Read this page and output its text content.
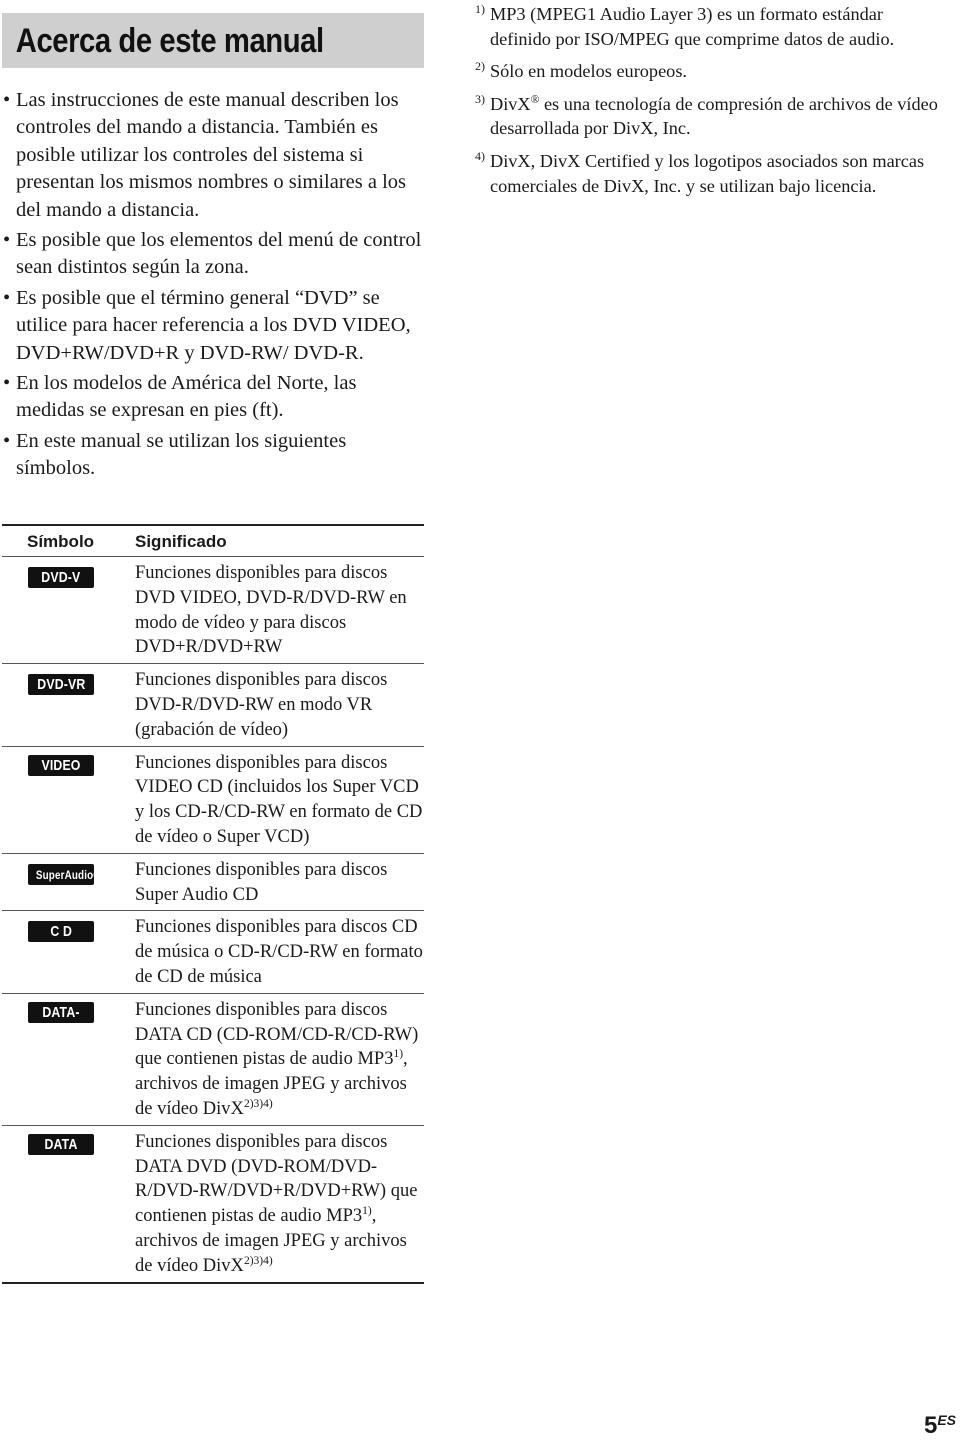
Acerca de este manual
• Las instrucciones de este manual describen los controles del mando a distancia. También es posible utilizar los controles del sistema si presentan los mismos nombres o similares a los del mando a distancia.
• Es posible que los elementos del menú de control sean distintos según la zona.
• Es posible que el término general “DVD” se utilice para hacer referencia a los DVD VIDEO, DVD+RW/DVD+R y DVD-RW/ DVD-R.
• En los modelos de América del Norte, las medidas se expresan en pies (ft).
• En este manual se utilizan los siguientes símbolos.
Símbolo	Significado
DVD-V	Funciones disponibles para discos DVD VIDEO, DVD-R/DVD-RW en modo de vídeo y para discos DVD+R/DVD+RW
DVD-VR	Funciones disponibles para discos DVD-R/DVD-RW en modo VR (grabación de vídeo)
VIDEO CD	Funciones disponibles para discos VIDEO CD (incluidos los Super VCD y los CD-R/CD-RW en formato de CD de vídeo o Super VCD)
SuperAudioCD	Funciones disponibles para discos Super Audio CD
C D	Funciones disponibles para discos CD de música o CD-R/CD-RW en formato de CD de música
DATA-CD	Funciones disponibles para discos DATA CD (CD-ROM/CD-R/CD-RW) que contienen pistas de audio MP3$^{1)}$, archivos de imagen JPEG y archivos de vídeo DivX$^{2)3)4)}$
DATA DVD	Funciones disponibles para discos DATA DVD (DVD-ROM/DVD-R/DVD-RW/DVD+R/DVD+RW) que contienen pistas de audio MP3$^{1)}$, archivos de imagen JPEG y archivos de vídeo DivX$^{2)3)4)}$
1) MP3 (MPEG1 Audio Layer 3) es un formato estándar definido por ISO/MPEG que comprime datos de audio.
2) Sólo en modelos europeos.
3) DivX® es una tecnología de compresión de archivos de vídeo desarrollada por DivX, Inc.
4) DivX, DivX Certified y los logotipos asociados son marcas comerciales de DivX, Inc. y se utilizan bajo licencia.
$5^{ES}$
